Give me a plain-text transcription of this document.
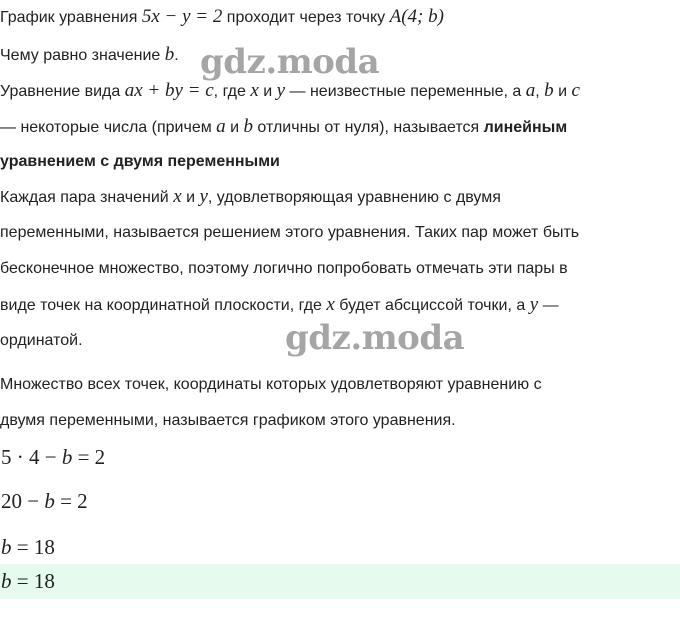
График уравнения 5x − y = 2 проходит через точку A(4; b)
Чему равно значение b.
Уравнение вида ax + by = c, где x и y — неизвестные переменные, а a, b и c
— некоторые числа (причем a и b отличны от нуля), называется линейным
уравнением с двумя переменными
Каждая пара значений x и y, удовлетворяющая уравнению с двумя
переменными, называется решением этого уравнения. Таких пар может быть
бесконечное множество, поэтому логично попробовать отмечать эти пары в
виде точек на координатной плоскости, где x будет абсциссой точки, а y —
ординатой.
Множество всех точек, координаты которых удовлетворяют уравнению с
двумя переменными, называется графиком этого уравнения.
5 · 4 − b = 2
20 − b = 2
b = 18
b = 18
gdz.moda
gdz.moda
